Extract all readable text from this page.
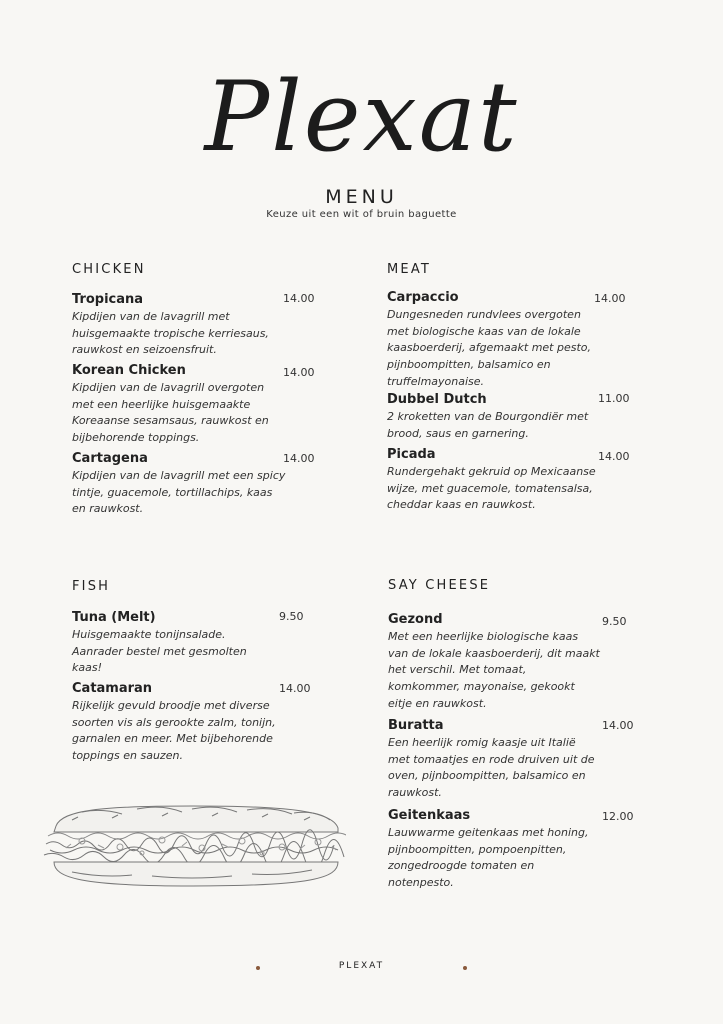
Plexat
MENU
Keuze uit een wit of bruin baguette
CHICKEN
Tropicana
Kipdijen van de lavagrill met huisgemaakte tropische kerriesaus, rauwkost en seizoensfruit.
14.00
Korean Chicken
Kipdijen van de lavagrill overgoten met een heerlijke huisgemaakte Koreaanse sesamsaus, rauwkost en bijbehorende toppings.
14.00
Cartagena
Kipdijen van de lavagrill met een spicy tintje, guacemole, tortillachips, kaas en rauwkost.
14.00
MEAT
Carpaccio
Dungesneden rundvlees overgoten met biologische kaas van de lokale kaasboerderij, afgemaakt met pesto, pijnboompitten, balsamico en truffelmayonaise.
14.00
Dubbel Dutch
2 kroketten van de Bourgondiër met brood, saus en garnering.
11.00
Picada
Rundergehakt gekruid op Mexicaanse wijze, met guacemole, tomatensalsa, cheddar kaas en rauwkost.
14.00
FISH
Tuna (Melt)
Huisgemaakte tonijnsalade. Aanrader bestel met gesmolten kaas!
9.50
Catamaran
Rijkelijk gevuld broodje met diverse soorten vis als gerookte zalm, tonijn, garnalen en meer. Met bijbehorende toppings en sauzen.
14.00
SAY CHEESE
Gezond
Met een heerlijke biologische kaas van de lokale kaasboerderij, dit maakt het verschil. Met tomaat, komkommer, mayonaise, gekookt eitje en rauwkost.
9.50
Buratta
Een heerlijk romig kaasje uit Italië met tomaatjes en rode druiven uit de oven, pijnboompitten, balsamico en rauwkost.
14.00
Geitenkaas
Lauwwarme geitenkaas met honing, pijnboompitten, pompoenpitten, zongedroogde tomaten en notenpesto.
12.00
PLEXAT
